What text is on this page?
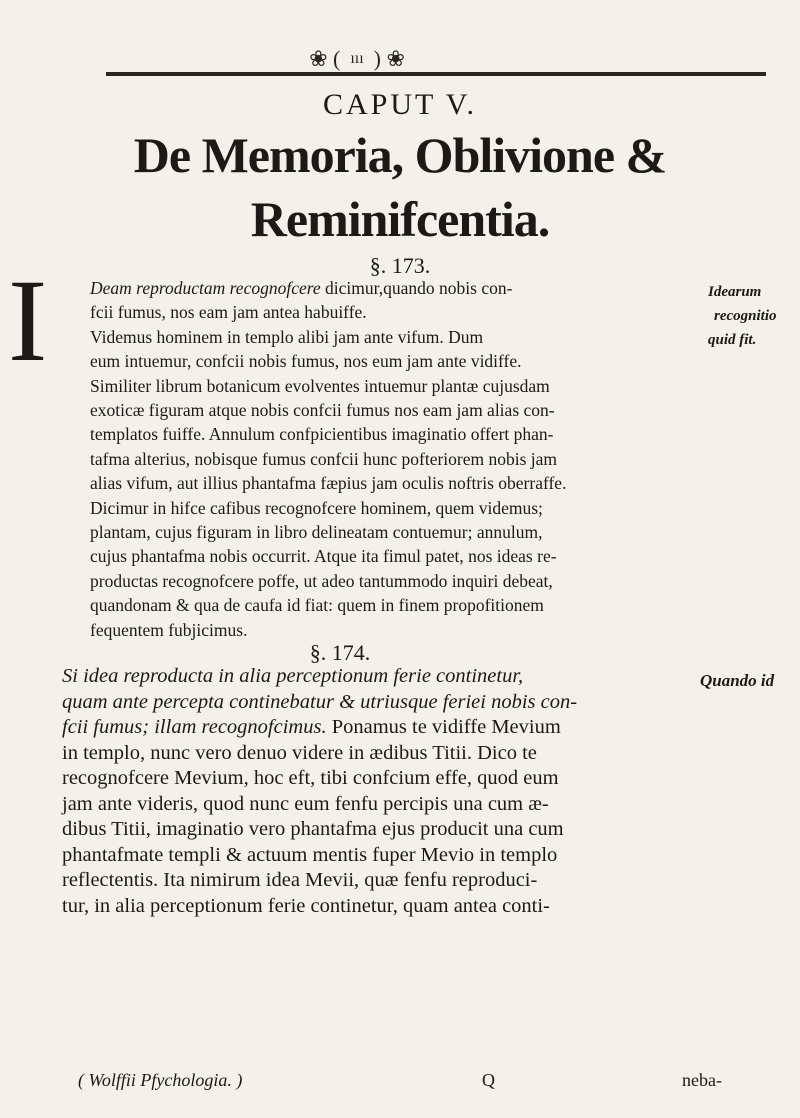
❀ ( ııı ) ❀
CAPUT V.
De Memoria, Oblivione &
Reminifcentia.
§. 173.
I Deam reproductam recognofcere dicimur,quando nobis con-

fcii fumus, nos eam jam antea habuiffe.

Videmus hominem in templo alibi jam ante vifum. Dum

eum intuemur, confcii nobis fumus, nos eum jam ante vidiffe.

Similiter librum botanicum evolventes intuemur plantæ cujusdam

exoticæ figuram atque nobis confcii fumus nos eam jam alias con-

templatos fuiffe. Annulum confpicientibus imaginatio offert phan-

tafma alterius, nobisque fumus confcii hunc pofteriorem nobis jam

alias vifum, aut illius phantafma fæpius jam oculis noftris oberraffe.

Dicimur in hifce cafibus recognofcere hominem, quem videmus;

plantam, cujus figuram in libro delineatam contuemur; annulum,

cujus phantafma nobis occurrit. Atque ita fimul patet, nos ideas re-

productas recognofcere poffe, ut adeo tantummodo inquiri debeat,

quandonam & qua de caufa id fiat: quem in finem propofitionem

fequentem fubjicimus.

Idearum
recognitio
quid fit.
§. 174.

Si idea reproducta in alia perceptionum ferie continetur,

quam ante percepta continebatur & utriusque feriei nobis con-

fcii fumus; illam recognofcimus. Ponamus te vidiffe Mevium

in templo, nunc vero denuo videre in ædibus Titii. Dico te

recognofcere Mevium, hoc eft, tibi confcium effe, quod eum

jam ante videris, quod nunc eum fenfu percipis una cum æ-

dibus Titii, imaginatio vero phantafma ejus producit una cum

phantafmate templi & actuum mentis fuper Mevio in templo

reflectentis. Ita nimirum idea Mevii, quæ fenfu reproduci-

tur, in alia perceptionum ferie continetur, quam antea conti-

Quando id
( Wolffii Pfychologia. )	Q	neba-
